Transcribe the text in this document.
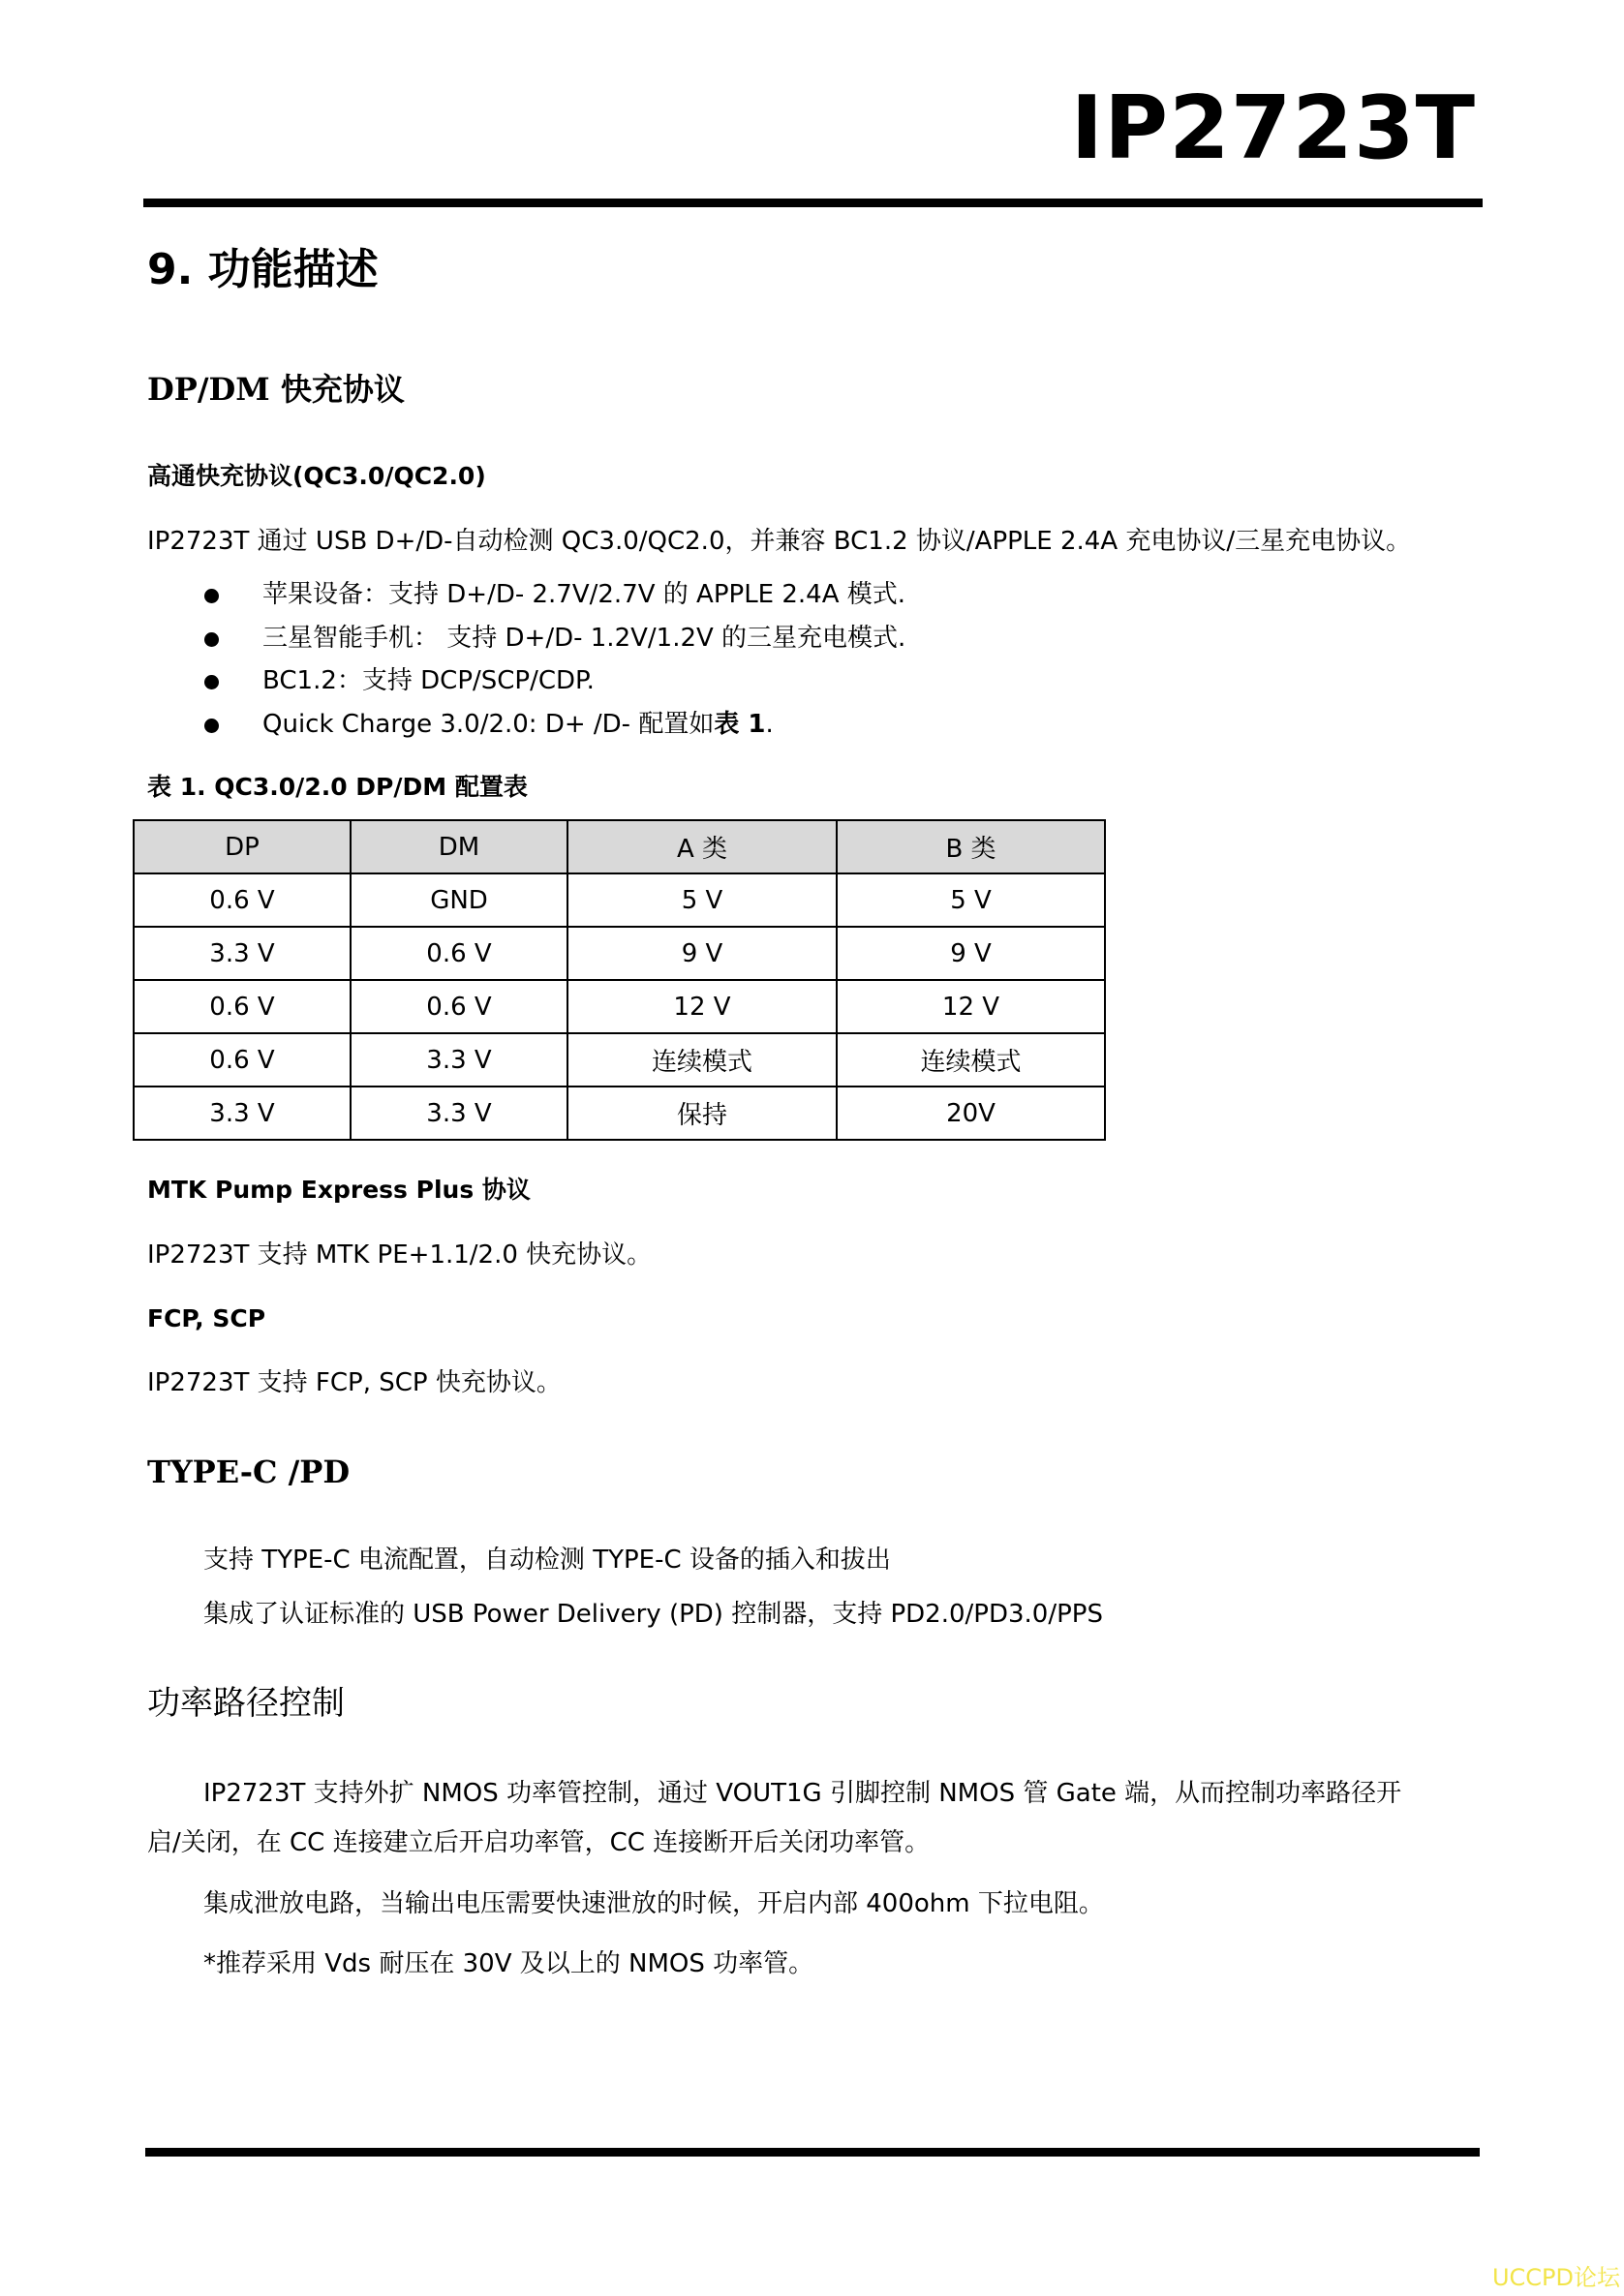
IP2723T
9. 功能描述
DP/DM 快充协议
高通快充协议(QC3.0/QC2.0)
IP2723T 通过 USB D+/D-自动检测 QC3.0/QC2.0，并兼容 BC1.2 协议/APPLE 2.4A 充电协议/三星充电协议。
苹果设备：支持 D+/D- 2.7V/2.7V 的 APPLE 2.4A 模式.
三星智能手机： 支持 D+/D- 1.2V/1.2V 的三星充电模式.
BC1.2：支持 DCP/SCP/CDP.
Quick Charge 3.0/2.0: D+ /D- 配置如表 1.
表 1. QC3.0/2.0 DP/DM 配置表
DP	DM	A 类	B 类
0.6 V	GND	5 V	5 V
3.3 V	0.6 V	9 V	9 V
0.6 V	0.6 V	12 V	12 V
0.6 V	3.3 V	连续模式	连续模式
3.3 V	3.3 V	保持	20V
MTK Pump Express Plus 协议
IP2723T 支持 MTK PE+1.1/2.0 快充协议。
FCP, SCP
IP2723T 支持 FCP, SCP 快充协议。
TYPE-C /PD
支持 TYPE-C 电流配置，自动检测 TYPE-C 设备的插入和拔出
集成了认证标准的 USB Power Delivery (PD) 控制器，支持 PD2.0/PD3.0/PPS
功率路径控制
IP2723T 支持外扩 NMOS 功率管控制，通过 VOUT1G 引脚控制 NMOS 管 Gate 端，从而控制功率路径开
启/关闭，在 CC 连接建立后开启功率管，CC 连接断开后关闭功率管。
集成泄放电路，当输出电压需要快速泄放的时候，开启内部 400ohm 下拉电阻。
*推荐采用 Vds 耐压在 30V 及以上的 NMOS 功率管。
UCCPD论坛
